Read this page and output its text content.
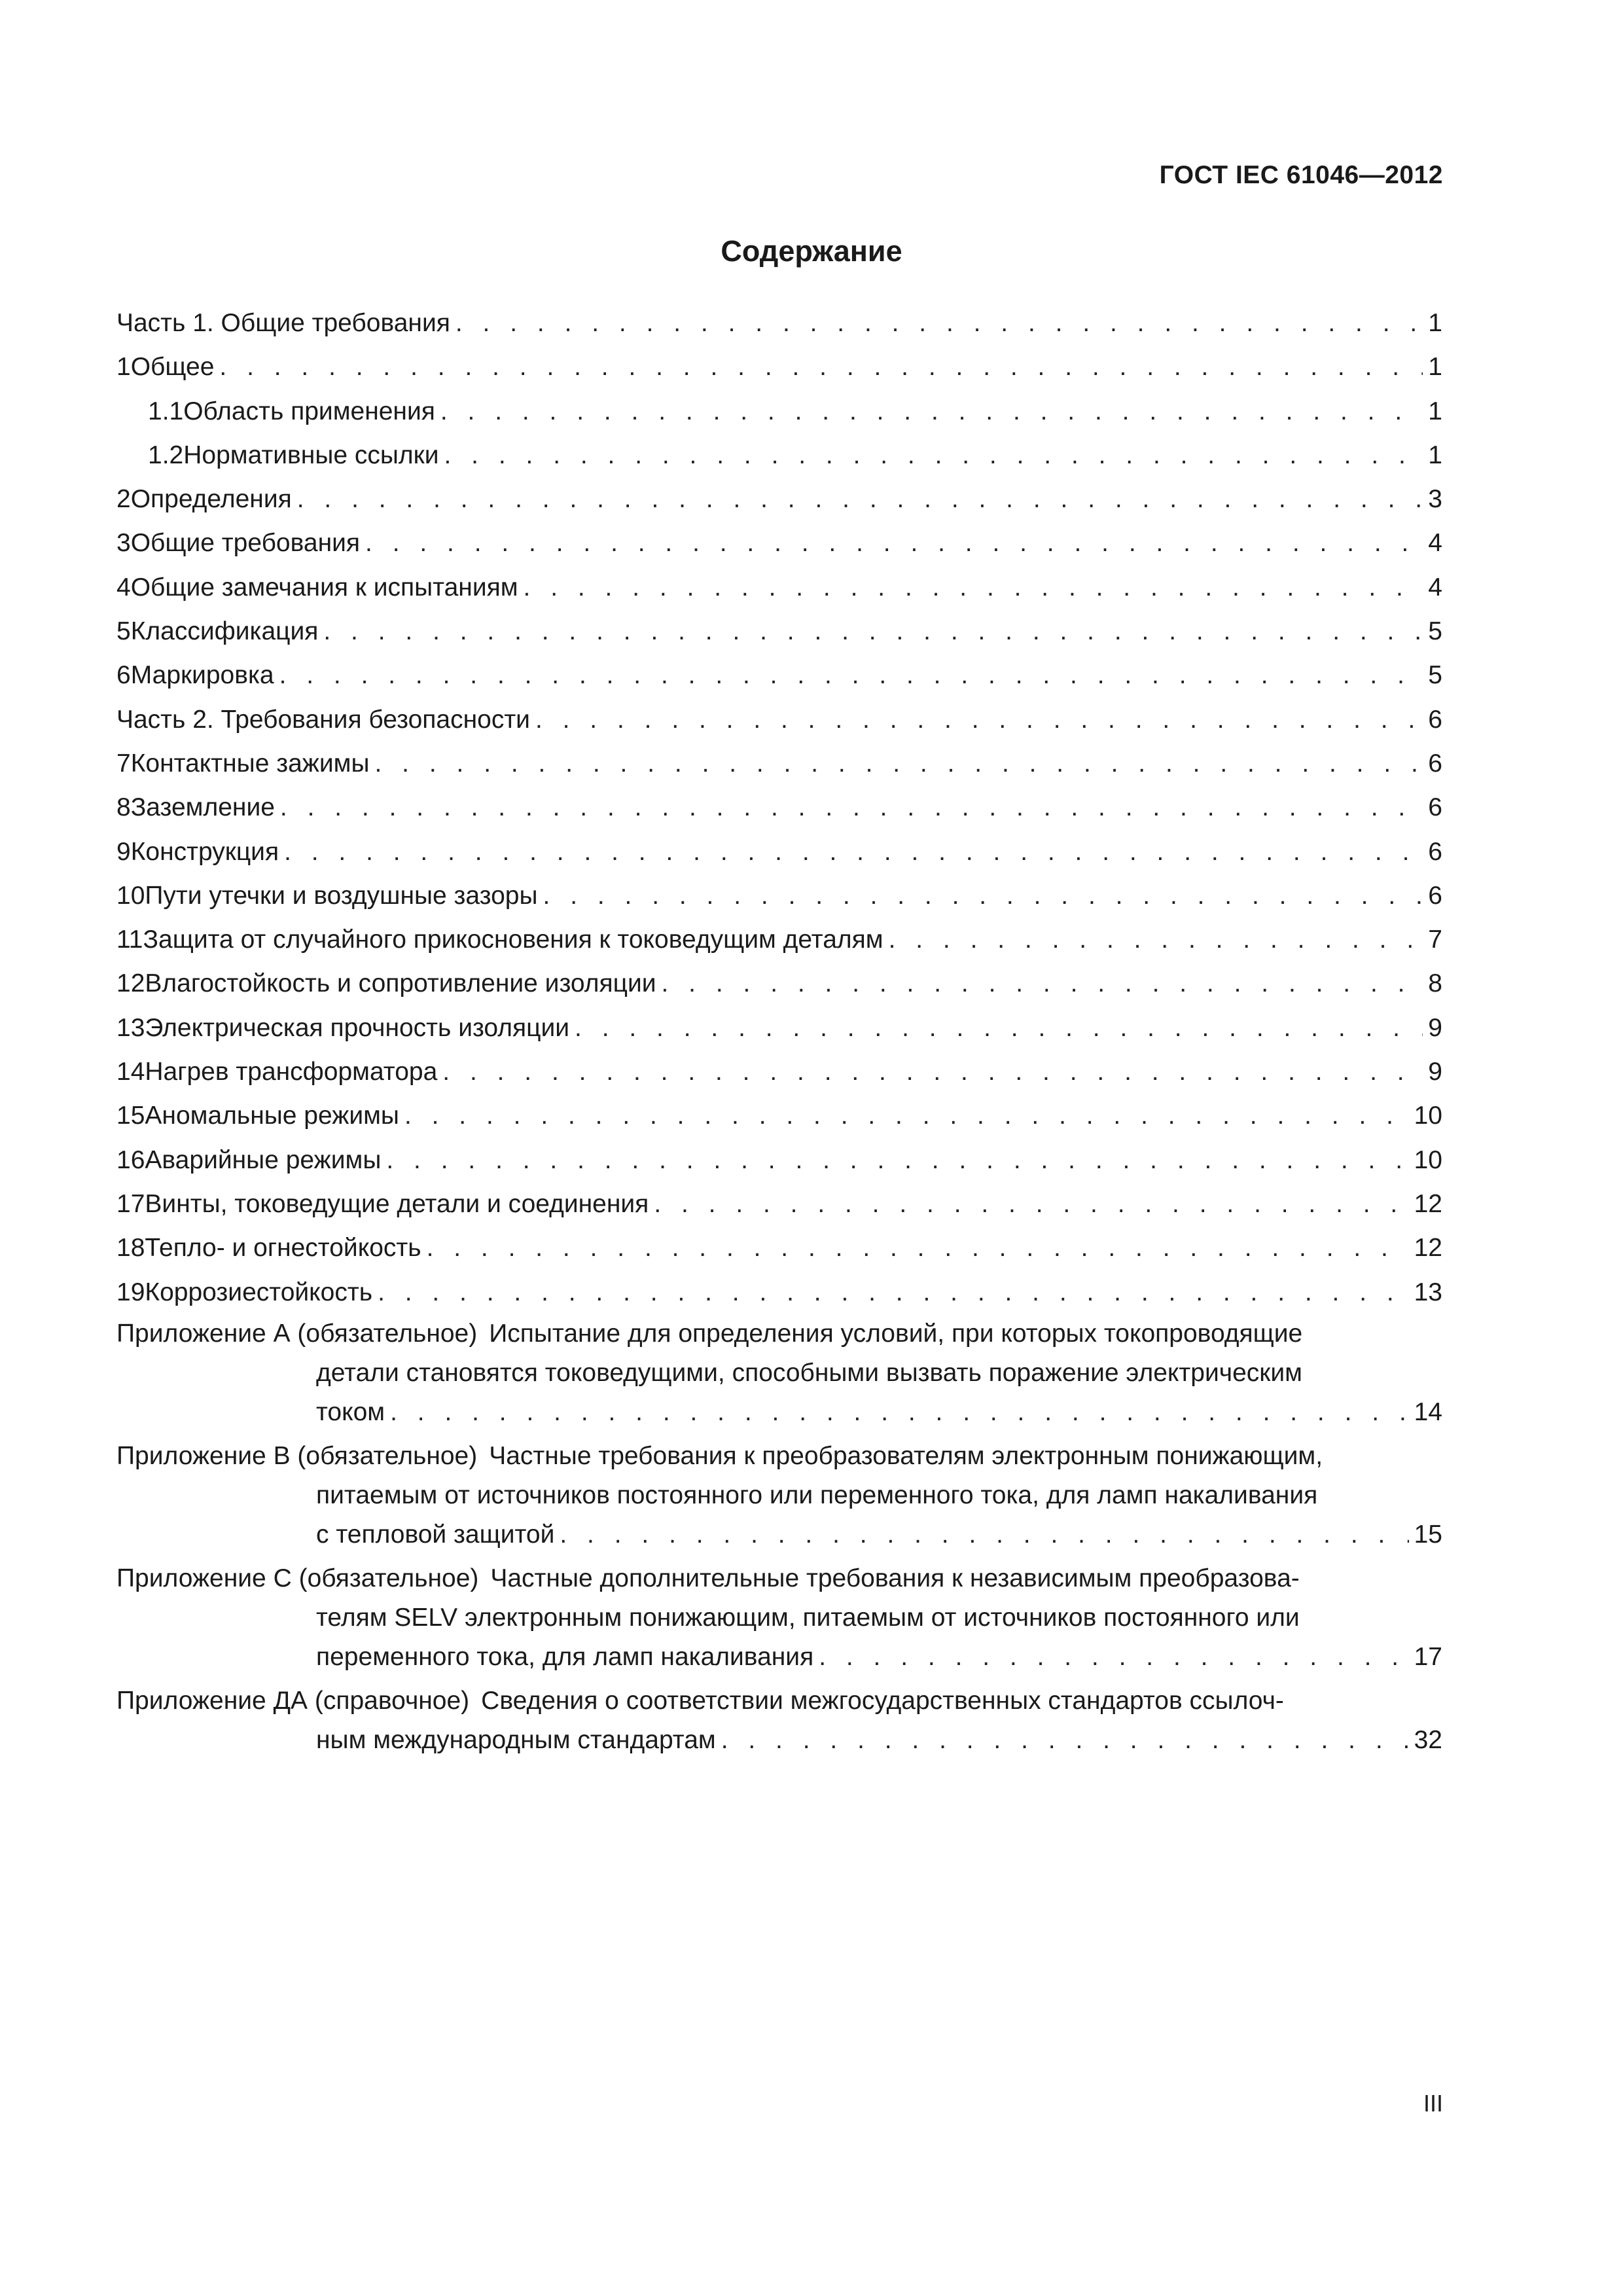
ГОСТ IEC 61046—2012
Содержание
Часть 1. Общие требования . . .	1
1 Общее . . .	1
1.1 Область применения . . .	1
1.2 Нормативные ссылки . . .	1
2 Определения . . .	3
3 Общие требования . . .	4
4 Общие замечания к испытаниям . . .	4
5 Классификация . . .	5
6 Маркировка . . .	5
Часть 2. Требования безопасности . . .	6
7 Контактные зажимы . . .	6
8 Заземление . . .	6
9 Конструкция . . .	6
10 Пути утечки и воздушные зазоры . . .	6
11 Защита от случайного прикосновения к токоведущим деталям . . .	7
12 Влагостойкость и сопротивление изоляции . . .	8
13 Электрическая прочность изоляции . . .	9
14 Нагрев трансформатора . . .	9
15 Аномальные режимы . . .	10
16 Аварийные режимы . . .	10
17 Винты, токоведущие детали и соединения . . .	12
18 Тепло- и огнестойкость . . .	12
19 Коррозиестойкость . . .	13
Приложение А (обязательное) Испытание для определения условий, при которых токопроводящие
детали становятся токоведущими, способными вызвать поражение электрическим
током . . .	14
Приложение В (обязательное) Частные требования к преобразователям электронным понижающим,
питаемым от источников постоянного или переменного тока, для ламп накаливания
с тепловой защитой . . .	15
Приложение С (обязательное) Частные дополнительные требования к независимым преобразова-
телям SELV электронным понижающим, питаемым от источников постоянного или
переменного тока, для ламп накаливания . . .	17
Приложение ДА (справочное) Сведения о соответствии межгосударственных стандартов ссылоч-
ным международным стандартам . . .	32
III
